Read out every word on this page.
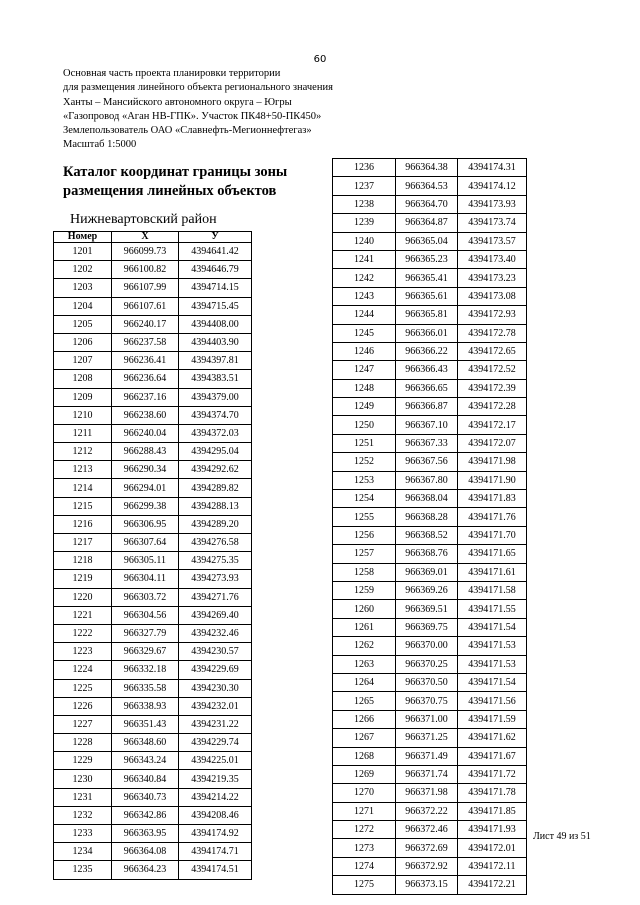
60
Основная часть проекта планировки территории
для размещения линейного объекта регионального значения
Ханты – Мансийского автономного округа – Югры
«Газопровод «Аган НВ-ГПК». Участок ПК48+50-ПК450»
Землепользователь ОАО «Славнефть-Мегионнефтегаз»
Масштаб 1:5000
Каталог координат границы зоны
размещения линейных объектов
Нижневартовский район
Номер	X	У
1201	966099.73	4394641.42
1202	966100.82	4394646.79
1203	966107.99	4394714.15
1204	966107.61	4394715.45
1205	966240.17	4394408.00
1206	966237.58	4394403.90
1207	966236.41	4394397.81
1208	966236.64	4394383.51
1209	966237.16	4394379.00
1210	966238.60	4394374.70
1211	966240.04	4394372.03
1212	966288.43	4394295.04
1213	966290.34	4394292.62
1214	966294.01	4394289.82
1215	966299.38	4394288.13
1216	966306.95	4394289.20
1217	966307.64	4394276.58
1218	966305.11	4394275.35
1219	966304.11	4394273.93
1220	966303.72	4394271.76
1221	966304.56	4394269.40
1222	966327.79	4394232.46
1223	966329.67	4394230.57
1224	966332.18	4394229.69
1225	966335.58	4394230.30
1226	966338.93	4394232.01
1227	966351.43	4394231.22
1228	966348.60	4394229.74
1229	966343.24	4394225.01
1230	966340.84	4394219.35
1231	966340.73	4394214.22
1232	966342.86	4394208.46
1233	966363.95	4394174.92
1234	966364.08	4394174.71
1235	966364.23	4394174.51
1236	966364.38	4394174.31
1237	966364.53	4394174.12
1238	966364.70	4394173.93
1239	966364.87	4394173.74
1240	966365.04	4394173.57
1241	966365.23	4394173.40
1242	966365.41	4394173.23
1243	966365.61	4394173.08
1244	966365.81	4394172.93
1245	966366.01	4394172.78
1246	966366.22	4394172.65
1247	966366.43	4394172.52
1248	966366.65	4394172.39
1249	966366.87	4394172.28
1250	966367.10	4394172.17
1251	966367.33	4394172.07
1252	966367.56	4394171.98
1253	966367.80	4394171.90
1254	966368.04	4394171.83
1255	966368.28	4394171.76
1256	966368.52	4394171.70
1257	966368.76	4394171.65
1258	966369.01	4394171.61
1259	966369.26	4394171.58
1260	966369.51	4394171.55
1261	966369.75	4394171.54
1262	966370.00	4394171.53
1263	966370.25	4394171.53
1264	966370.50	4394171.54
1265	966370.75	4394171.56
1266	966371.00	4394171.59
1267	966371.25	4394171.62
1268	966371.49	4394171.67
1269	966371.74	4394171.72
1270	966371.98	4394171.78
1271	966372.22	4394171.85
1272	966372.46	4394171.93
1273	966372.69	4394172.01
1274	966372.92	4394172.11
1275	966373.15	4394172.21
Лист 49 из 51
